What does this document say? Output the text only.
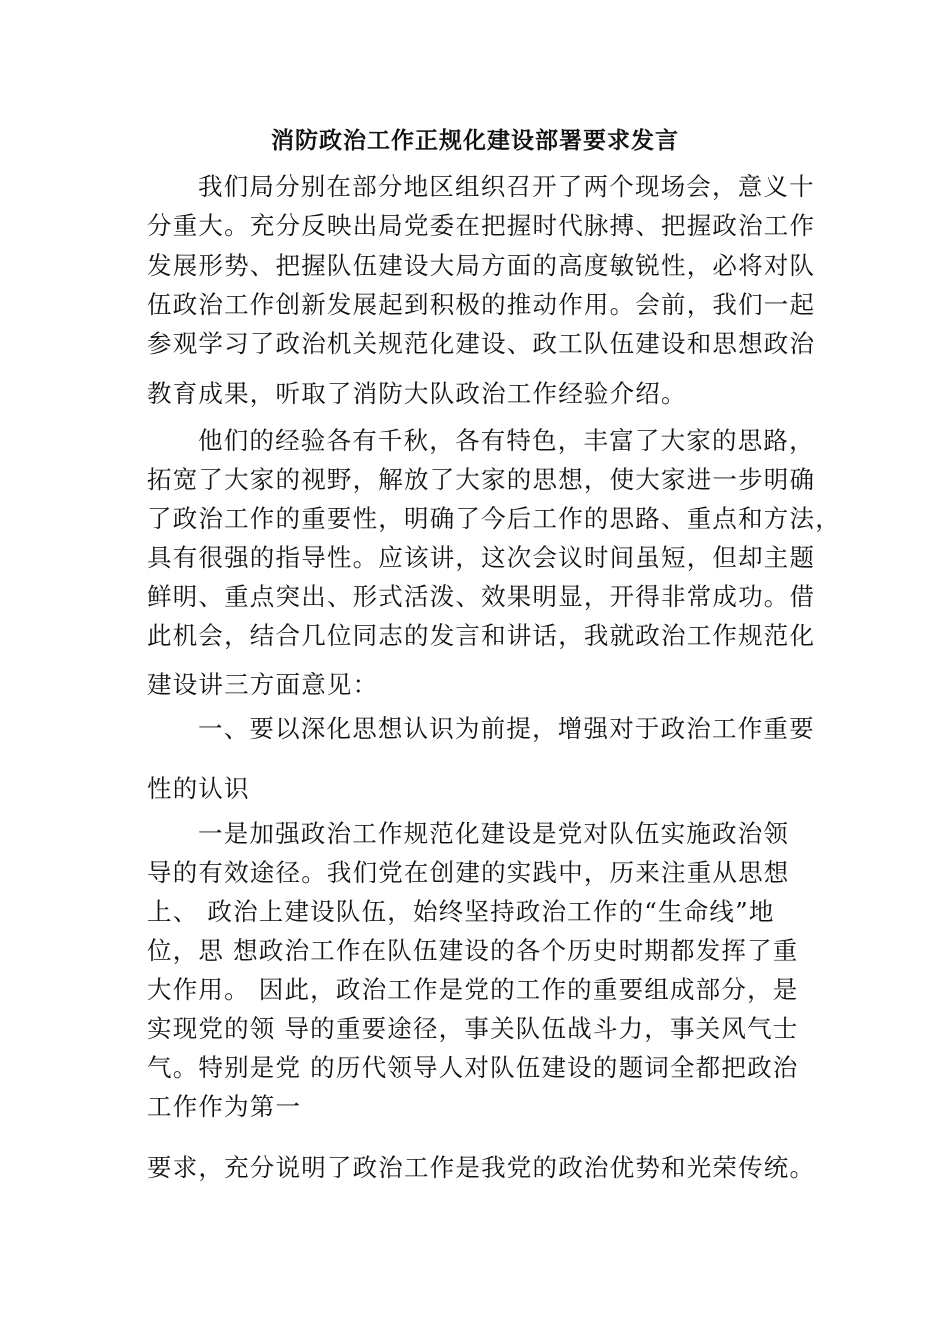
消防政治工作正规化建设部署要求发言
我们局分别在部分地区组织召开了两个现场会，意义十
分重大。充分反映出局党委在把握时代脉搏、把握政治工作
发展形势、把握队伍建设大局方面的高度敏锐性，必将对队
伍政治工作创新发展起到积极的推动作用。会前，我们一起
参观学习了政治机关规范化建设、政工队伍建设和思想政治
教育成果，听取了消防大队政治工作经验介绍。
他们的经验各有千秋，各有特色，丰富了大家的思路，
拓宽了大家的视野，解放了大家的思想，使大家进一步明确
了政治工作的重要性，明确了今后工作的思路、重点和方法，
具有很强的指导性。应该讲，这次会议时间虽短，但却主题
鲜明、重点突出、形式活泼、效果明显，开得非常成功。借
此机会，结合几位同志的发言和讲话，我就政治工作规范化
建设讲三方面意见：
一、要以深化思想认识为前提，增强对于政治工作重要
性的认识
一是加强政治工作规范化建设是党对队伍实施政治领
导的有效途径。我们党在创建的实践中，历来注重从思想
上、 政治上建设队伍，始终坚持政治工作的“生命线”地
位，思 想政治工作在队伍建设的各个历史时期都发挥了重
大作用。 因此，政治工作是党的工作的重要组成部分，是
实现党的领 导的重要途径，事关队伍战斗力，事关风气士
气。特别是党 的历代领导人对队伍建设的题词全都把政治
工作作为第一
要求，充分说明了政治工作是我党的政治优势和光荣传统。
